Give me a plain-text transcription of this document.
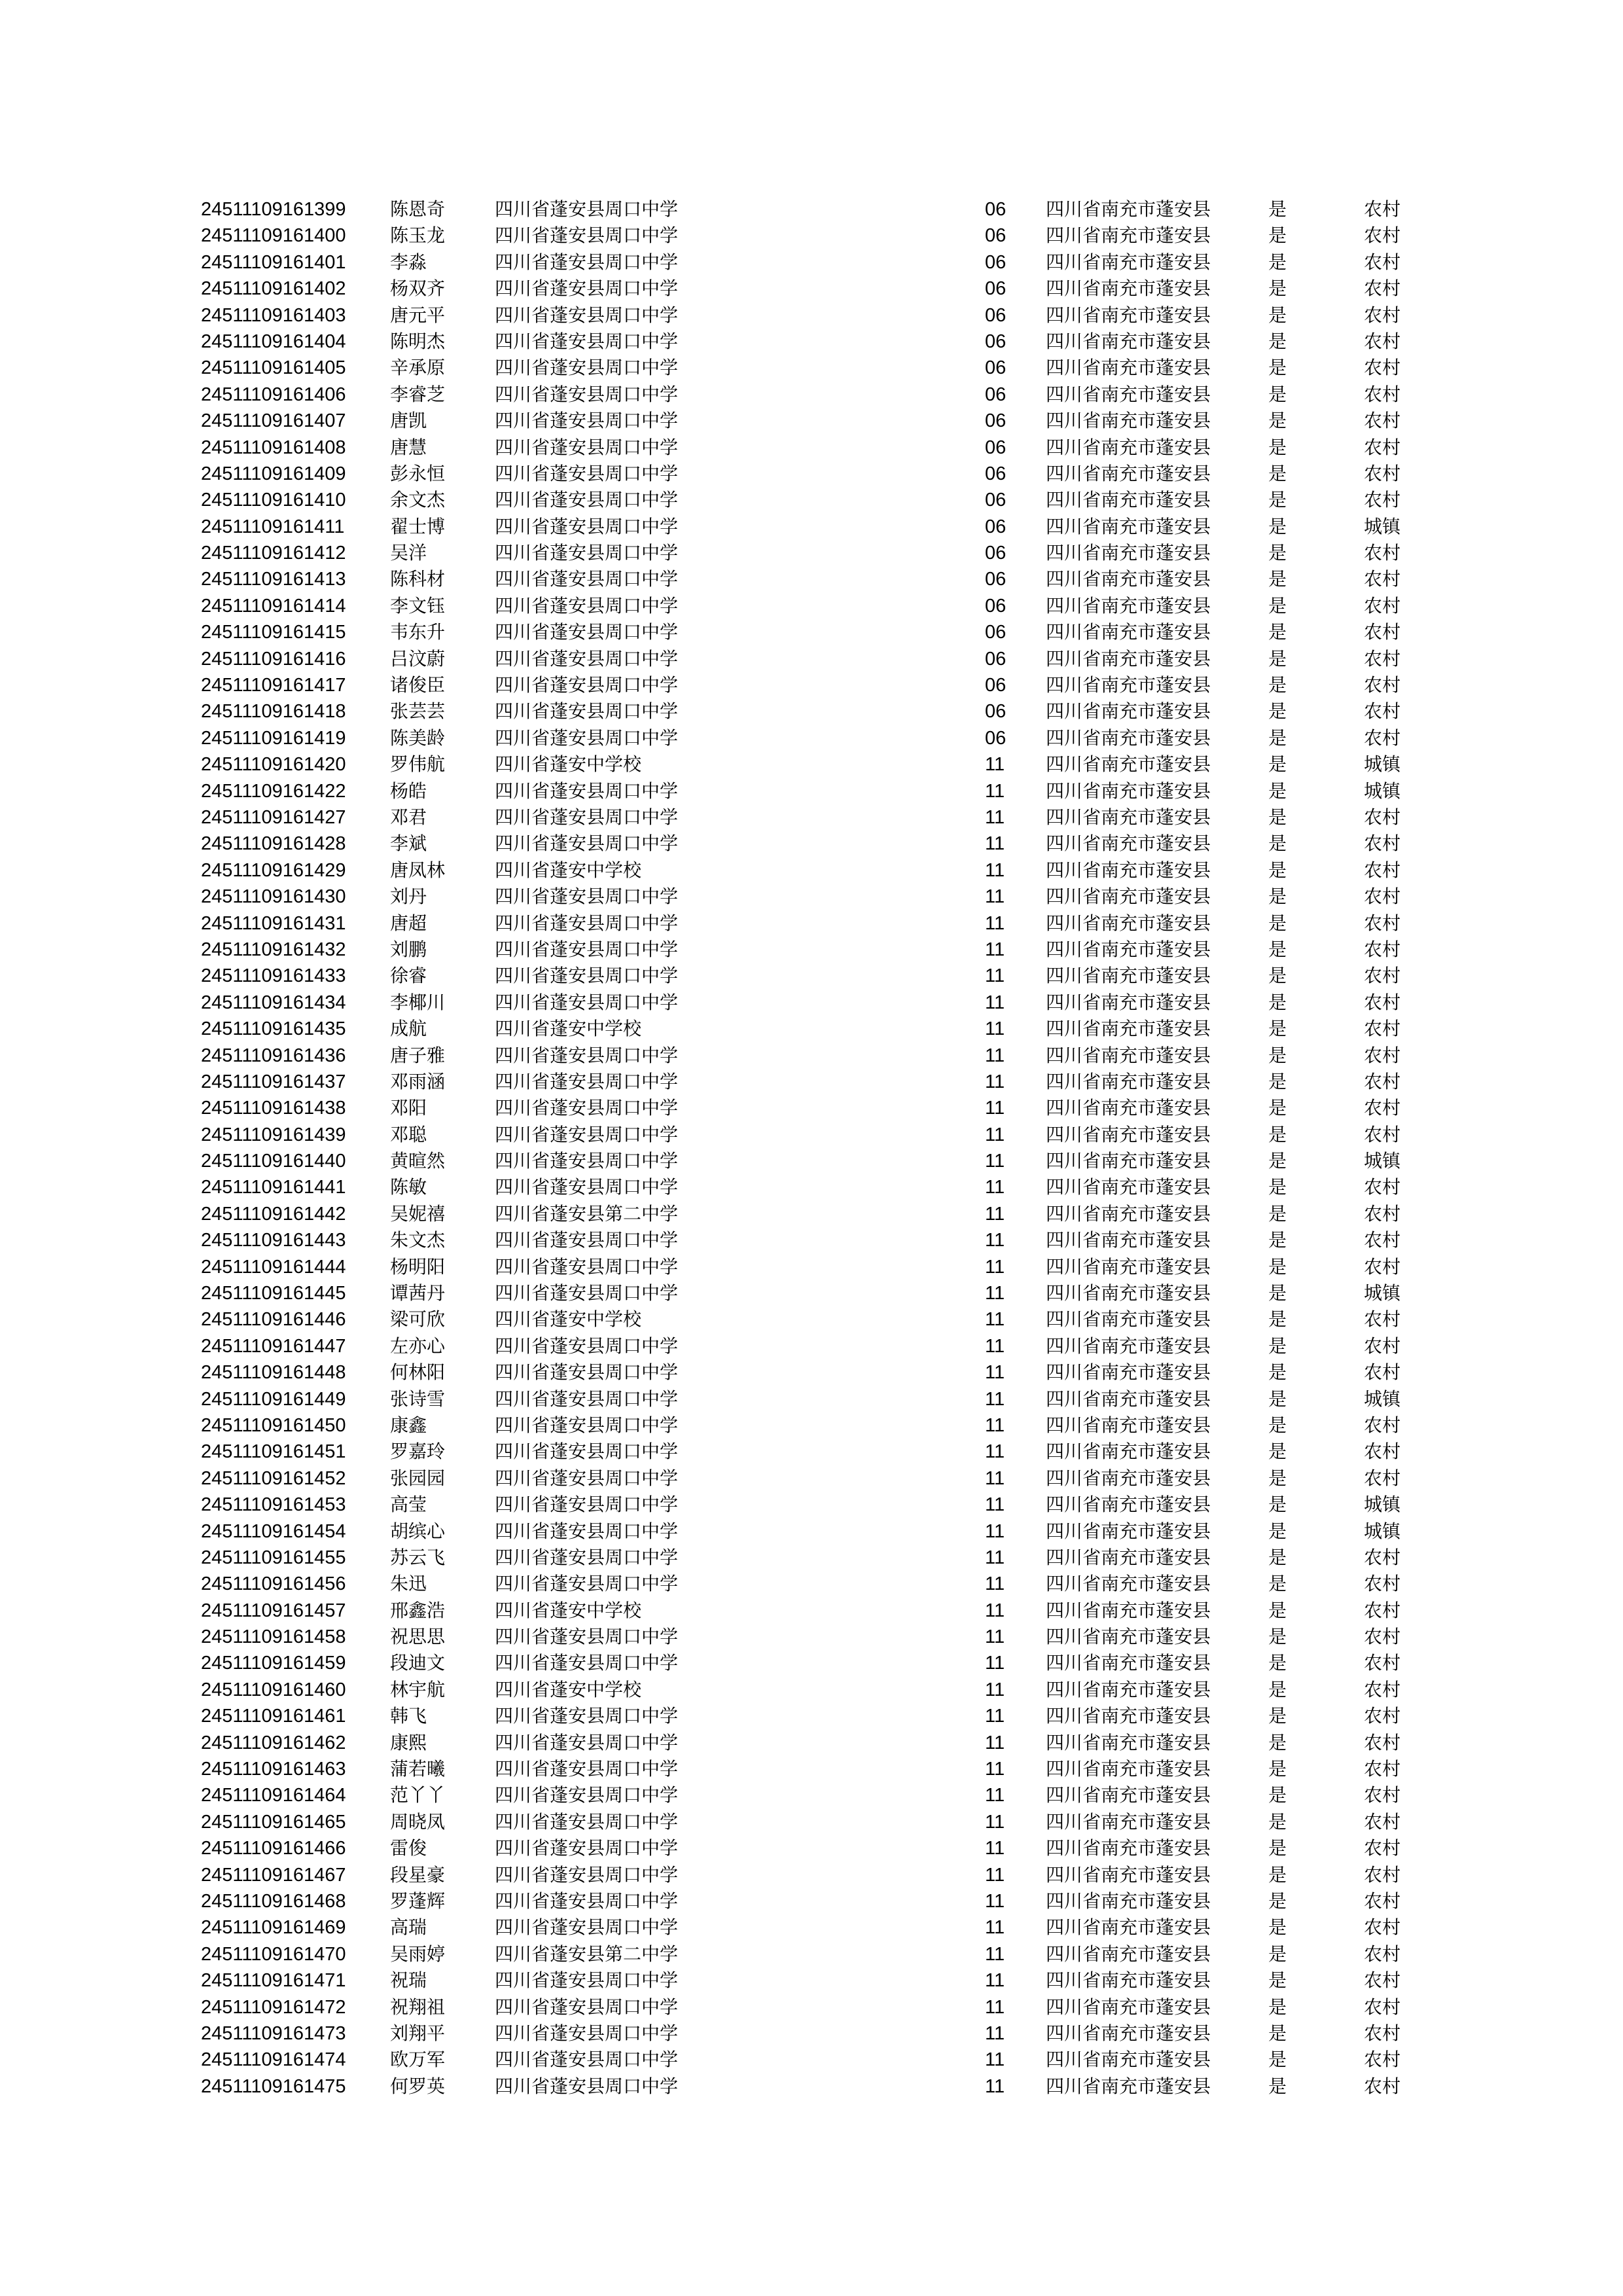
24511109161399 陈恩奇	四川省蓬安县周口中学	06 四川省南充市蓬安县	是	农村
24511109161400 陈玉龙	四川省蓬安县周口中学	06 四川省南充市蓬安县	是	农村
24511109161401 李淼	四川省蓬安县周口中学	06 四川省南充市蓬安县	是	农村
24511109161402 杨双齐	四川省蓬安县周口中学	06 四川省南充市蓬安县	是	农村
24511109161403 唐元平	四川省蓬安县周口中学	06 四川省南充市蓬安县	是	农村
24511109161404 陈明杰	四川省蓬安县周口中学	06 四川省南充市蓬安县	是	农村
24511109161405 辛承原	四川省蓬安县周口中学	06 四川省南充市蓬安县	是	农村
24511109161406 李睿芝	四川省蓬安县周口中学	06 四川省南充市蓬安县	是	农村
24511109161407 唐凯	四川省蓬安县周口中学	06 四川省南充市蓬安县	是	农村
24511109161408 唐慧	四川省蓬安县周口中学	06 四川省南充市蓬安县	是	农村
24511109161409 彭永恒	四川省蓬安县周口中学	06 四川省南充市蓬安县	是	农村
24511109161410 余文杰	四川省蓬安县周口中学	06 四川省南充市蓬安县	是	农村
24511109161411 翟士博	四川省蓬安县周口中学	06 四川省南充市蓬安县	是	城镇
24511109161412 吴洋	四川省蓬安县周口中学	06 四川省南充市蓬安县	是	农村
24511109161413 陈科材	四川省蓬安县周口中学	06 四川省南充市蓬安县	是	农村
24511109161414 李文钰	四川省蓬安县周口中学	06 四川省南充市蓬安县	是	农村
24511109161415 韦东升	四川省蓬安县周口中学	06 四川省南充市蓬安县	是	农村
24511109161416 吕汶蔚	四川省蓬安县周口中学	06 四川省南充市蓬安县	是	农村
24511109161417 诸俊臣	四川省蓬安县周口中学	06 四川省南充市蓬安县	是	农村
24511109161418 张芸芸	四川省蓬安县周口中学	06 四川省南充市蓬安县	是	农村
24511109161419 陈美龄	四川省蓬安县周口中学	06 四川省南充市蓬安县	是	农村
24511109161420 罗伟航	四川省蓬安中学校	11 四川省南充市蓬安县	是	城镇
24511109161422 杨皓	四川省蓬安县周口中学	11 四川省南充市蓬安县	是	城镇
24511109161427 邓君	四川省蓬安县周口中学	11 四川省南充市蓬安县	是	农村
24511109161428 李斌	四川省蓬安县周口中学	11 四川省南充市蓬安县	是	农村
24511109161429 唐凤林	四川省蓬安中学校	11 四川省南充市蓬安县	是	农村
24511109161430 刘丹	四川省蓬安县周口中学	11 四川省南充市蓬安县	是	农村
24511109161431 唐超	四川省蓬安县周口中学	11 四川省南充市蓬安县	是	农村
24511109161432 刘鹏	四川省蓬安县周口中学	11 四川省南充市蓬安县	是	农村
24511109161433 徐睿	四川省蓬安县周口中学	11 四川省南充市蓬安县	是	农村
24511109161434 李椰川	四川省蓬安县周口中学	11 四川省南充市蓬安县	是	农村
24511109161435 成航	四川省蓬安中学校	11 四川省南充市蓬安县	是	农村
24511109161436 唐子雅	四川省蓬安县周口中学	11 四川省南充市蓬安县	是	农村
24511109161437 邓雨涵	四川省蓬安县周口中学	11 四川省南充市蓬安县	是	农村
24511109161438 邓阳	四川省蓬安县周口中学	11 四川省南充市蓬安县	是	农村
24511109161439 邓聪	四川省蓬安县周口中学	11 四川省南充市蓬安县	是	农村
24511109161440 黄暄然	四川省蓬安县周口中学	11 四川省南充市蓬安县	是	城镇
24511109161441 陈敏	四川省蓬安县周口中学	11 四川省南充市蓬安县	是	农村
24511109161442 吴妮禧	四川省蓬安县第二中学	11 四川省南充市蓬安县	是	农村
24511109161443 朱文杰	四川省蓬安县周口中学	11 四川省南充市蓬安县	是	农村
24511109161444 杨明阳	四川省蓬安县周口中学	11 四川省南充市蓬安县	是	农村
24511109161445 谭茜丹	四川省蓬安县周口中学	11 四川省南充市蓬安县	是	城镇
24511109161446 梁可欣	四川省蓬安中学校	11 四川省南充市蓬安县	是	农村
24511109161447 左亦心	四川省蓬安县周口中学	11 四川省南充市蓬安县	是	农村
24511109161448 何林阳	四川省蓬安县周口中学	11 四川省南充市蓬安县	是	农村
24511109161449 张诗雪	四川省蓬安县周口中学	11 四川省南充市蓬安县	是	城镇
24511109161450 康鑫	四川省蓬安县周口中学	11 四川省南充市蓬安县	是	农村
24511109161451 罗嘉玲	四川省蓬安县周口中学	11 四川省南充市蓬安县	是	农村
24511109161452 张园园	四川省蓬安县周口中学	11 四川省南充市蓬安县	是	农村
24511109161453 高莹	四川省蓬安县周口中学	11 四川省南充市蓬安县	是	城镇
24511109161454 胡缤心	四川省蓬安县周口中学	11 四川省南充市蓬安县	是	城镇
24511109161455 苏云飞	四川省蓬安县周口中学	11 四川省南充市蓬安县	是	农村
24511109161456 朱迅	四川省蓬安县周口中学	11 四川省南充市蓬安县	是	农村
24511109161457 邢鑫浩	四川省蓬安中学校	11 四川省南充市蓬安县	是	农村
24511109161458 祝思思	四川省蓬安县周口中学	11 四川省南充市蓬安县	是	农村
24511109161459 段迪文	四川省蓬安县周口中学	11 四川省南充市蓬安县	是	农村
24511109161460 林宇航	四川省蓬安中学校	11 四川省南充市蓬安县	是	农村
24511109161461 韩飞	四川省蓬安县周口中学	11 四川省南充市蓬安县	是	农村
24511109161462 康熙	四川省蓬安县周口中学	11 四川省南充市蓬安县	是	农村
24511109161463 蒲若曦	四川省蓬安县周口中学	11 四川省南充市蓬安县	是	农村
24511109161464 范丫丫	四川省蓬安县周口中学	11 四川省南充市蓬安县	是	农村
24511109161465 周晓凤	四川省蓬安县周口中学	11 四川省南充市蓬安县	是	农村
24511109161466 雷俊	四川省蓬安县周口中学	11 四川省南充市蓬安县	是	农村
24511109161467 段星豪	四川省蓬安县周口中学	11 四川省南充市蓬安县	是	农村
24511109161468 罗蓬辉	四川省蓬安县周口中学	11 四川省南充市蓬安县	是	农村
24511109161469 高瑞	四川省蓬安县周口中学	11 四川省南充市蓬安县	是	农村
24511109161470 吴雨婷	四川省蓬安县第二中学	11 四川省南充市蓬安县	是	农村
24511109161471 祝瑞	四川省蓬安县周口中学	11 四川省南充市蓬安县	是	农村
24511109161472 祝翔祖	四川省蓬安县周口中学	11 四川省南充市蓬安县	是	农村
24511109161473 刘翔平	四川省蓬安县周口中学	11 四川省南充市蓬安县	是	农村
24511109161474 欧万军	四川省蓬安县周口中学	11 四川省南充市蓬安县	是	农村
24511109161475 何罗英	四川省蓬安县周口中学	11 四川省南充市蓬安县	是	农村
